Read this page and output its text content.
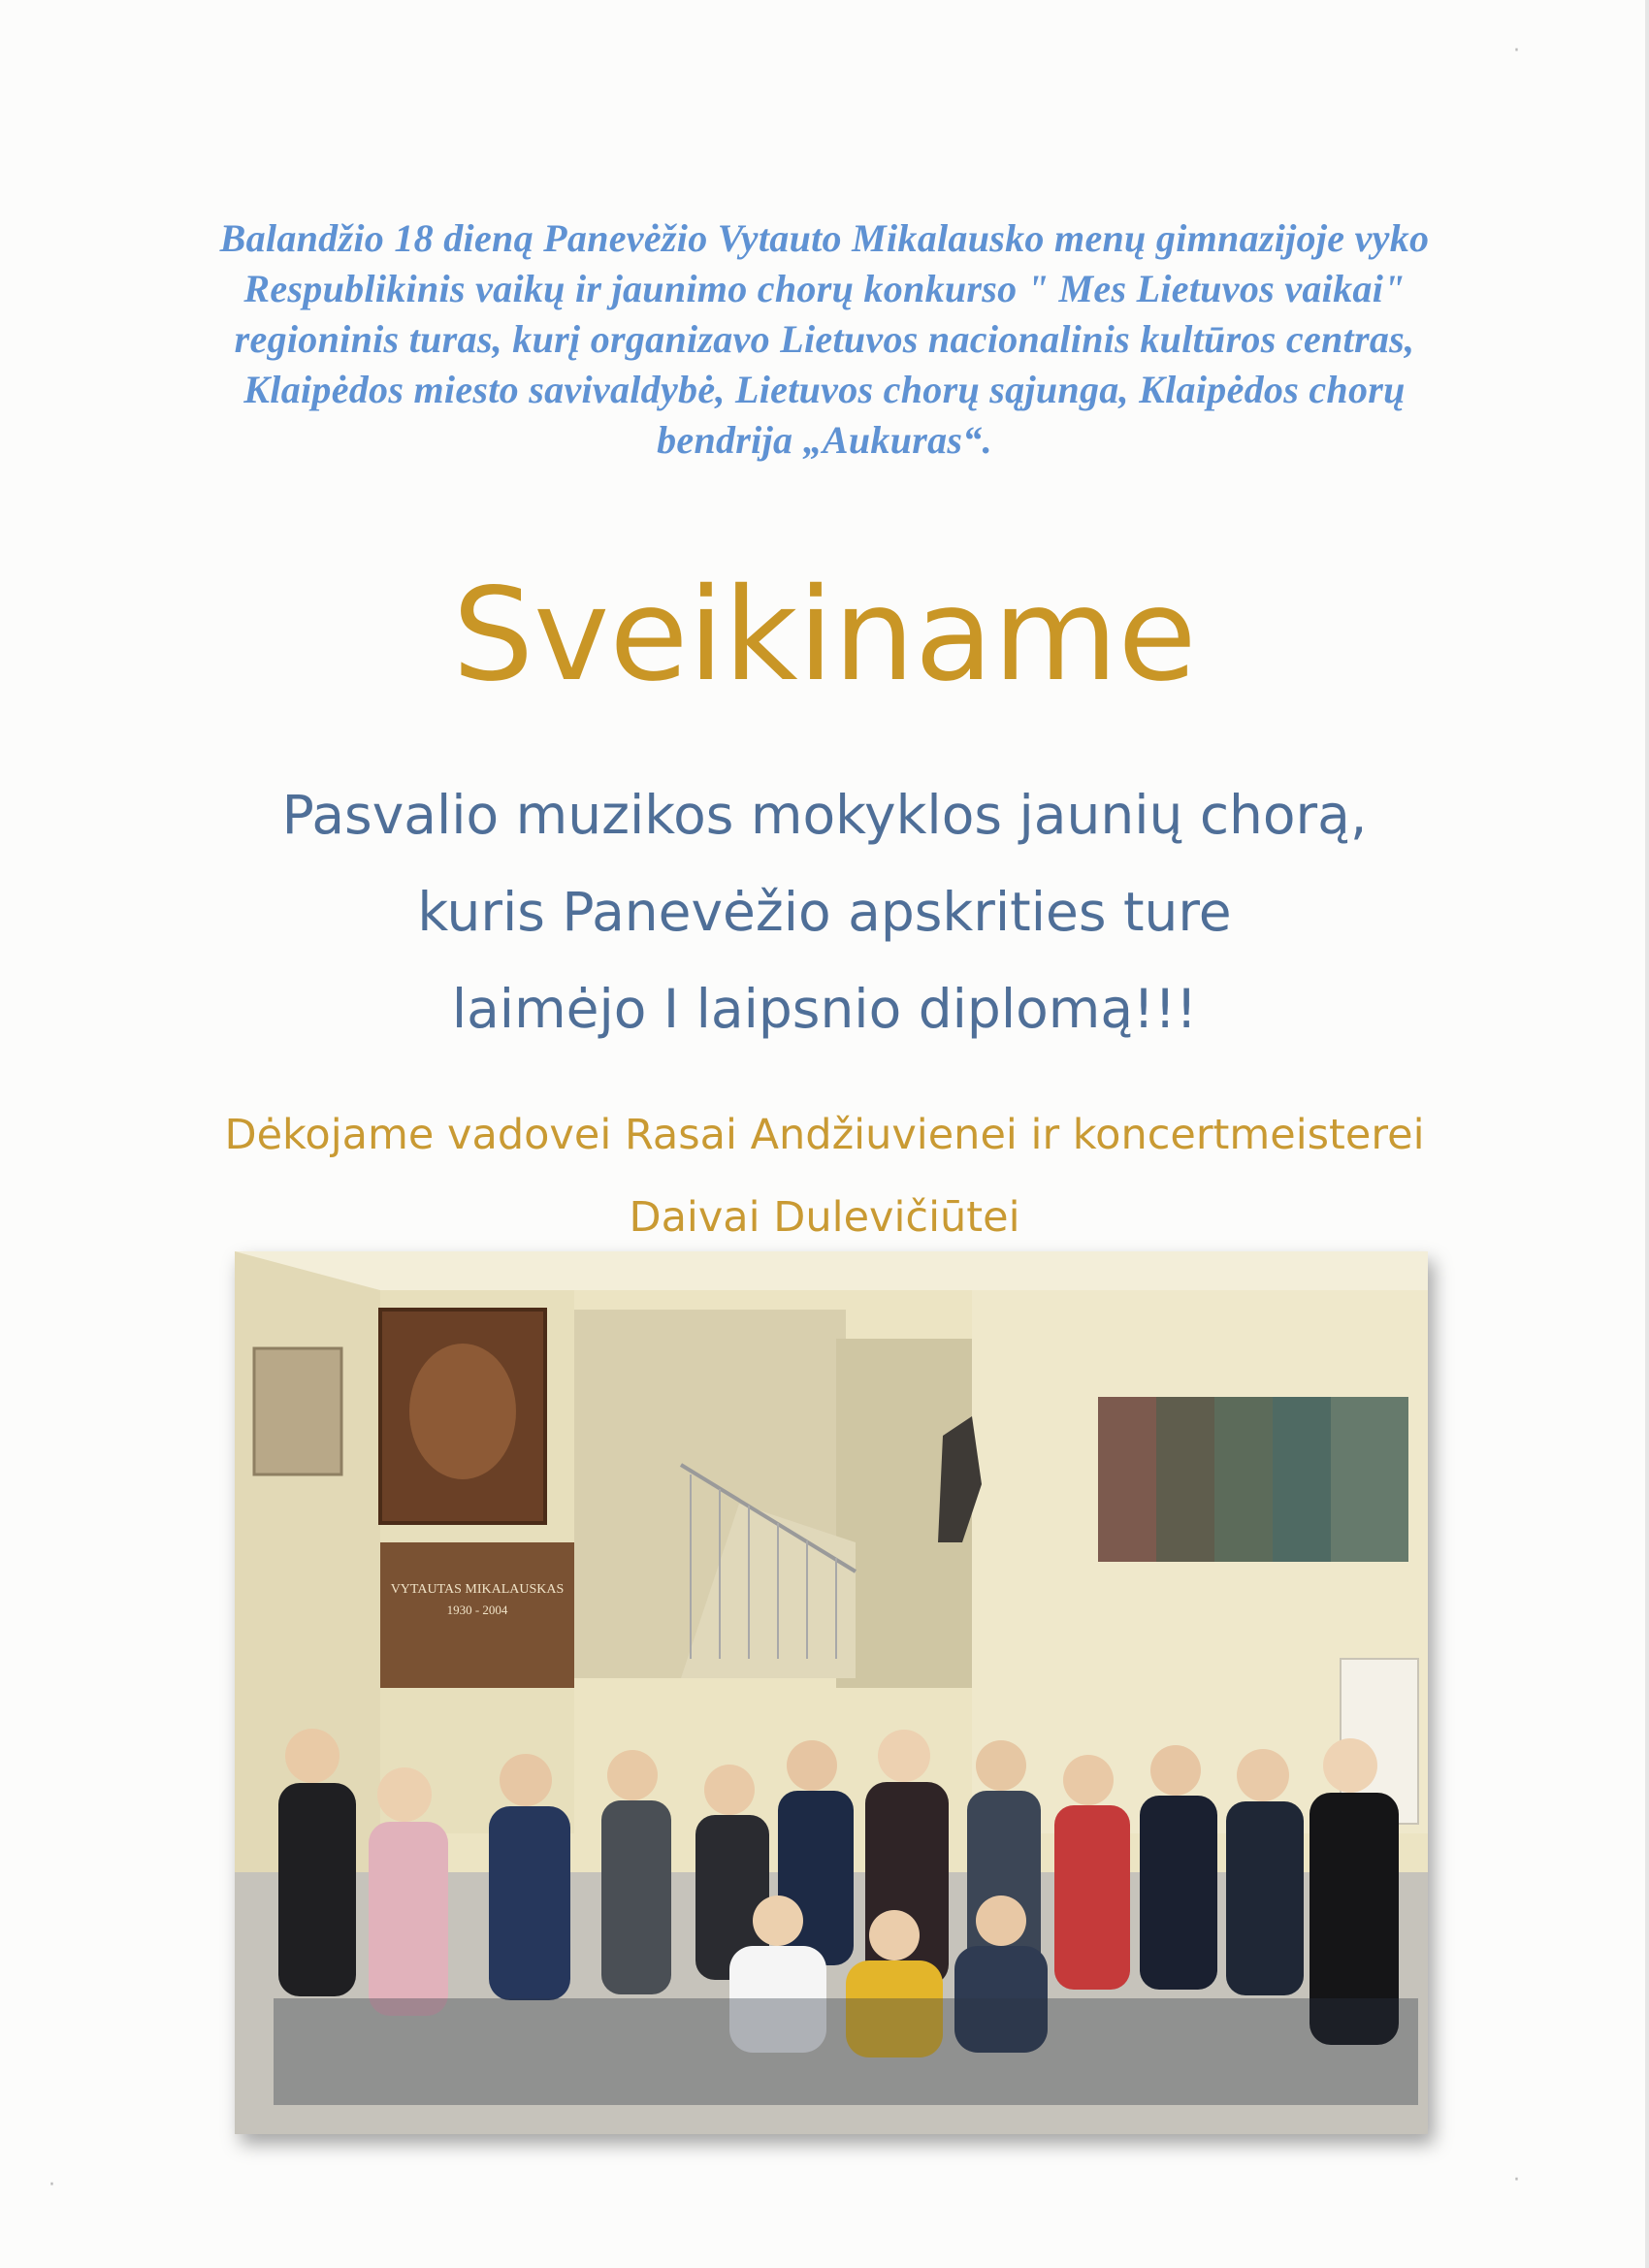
·
·	·
Balandžio 18 dieną Panevėžio Vytauto Mikalausko menų gimnazijoje vyko
Respublikinis vaikų ir jaunimo chorų konkurso " Mes Lietuvos vaikai"
regioninis turas, kurį organizavo Lietuvos nacionalinis kultūros centras,
Klaipėdos miesto savivaldybė, Lietuvos chorų sąjunga, Klaipėdos chorų
bendrija „Aukuras“.
Sveikiname
Pasvalio muzikos mokyklos jaunių chorą,
kuris Panevėžio apskrities ture
laimėjo I laipsnio diplomą!!!
Dėkojame vadovei Rasai Andžiuvienei ir koncertmeisterei
Daivai Dulevičiūtei
VYTAUTAS MIKALAUSKAS
1930 - 2004
